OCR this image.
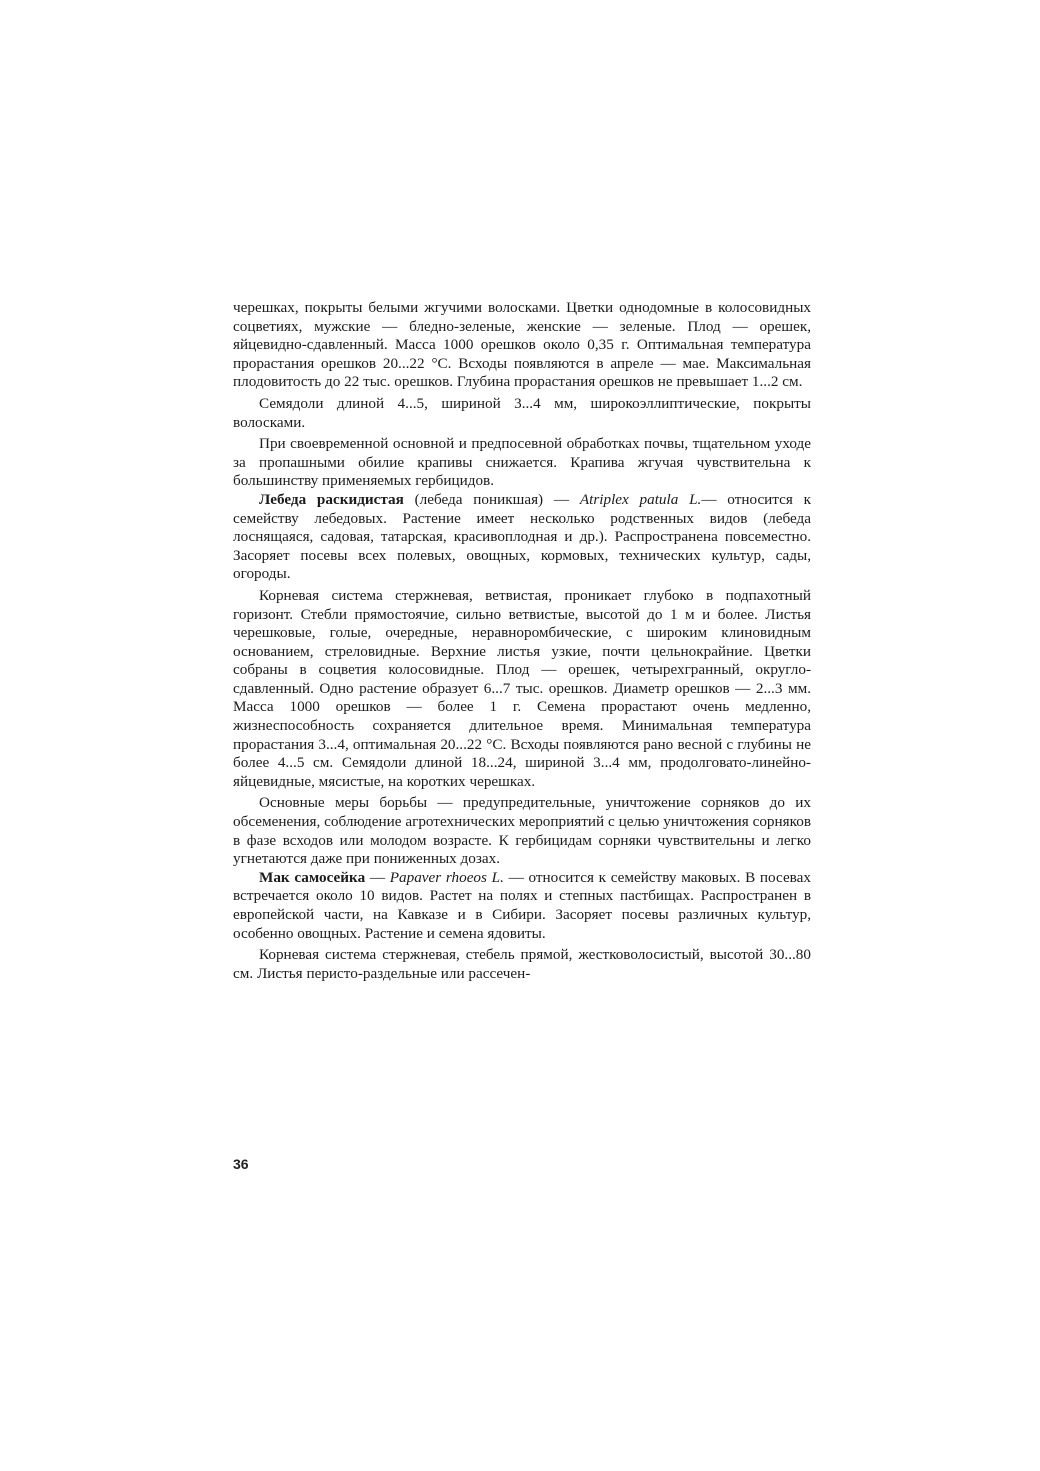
черешках, покрыты белыми жгучими волосками. Цветки однодомные в колосовидных соцветиях, мужские — бледно-зеленые, женские — зеленые. Плод — орешек, яйцевидно-сдавленный. Масса 1000 орешков около 0,35 г. Оптимальная температура прорастания орешков 20...22 °С. Всходы появляются в апреле — мае. Максимальная плодовитость до 22 тыс. орешков. Глубина прорастания орешков не превышает 1...2 см.

Семядоли длиной 4...5, шириной 3...4 мм, широкоэллиптические, покрыты волосками.

При своевременной основной и предпосевной обработках почвы, тщательном уходе за пропашными обилие крапивы снижается. Крапива жгучая чувствительна к большинству применяемых гербицидов.

Лебеда раскидистая (лебеда поникшая) — Atriplex patula L.— относится к семейству лебедовых. Растение имеет несколько родственных видов (лебеда лоснящаяся, садовая, татарская, красивоплодная и др.). Распространена повсеместно. Засоряет посевы всех полевых, овощных, кормовых, технических культур, сады, огороды.

Корневая система стержневая, ветвистая, проникает глубоко в подпахотный горизонт. Стебли прямостоячие, сильно ветвистые, высотой до 1 м и более. Листья черешковые, голые, очередные, неравноромбические, с широким клиновидным основанием, стреловидные. Верхние листья узкие, почти цельнокрайние. Цветки собраны в соцветия колосовидные. Плод — орешек, четырехгранный, округло-сдавленный. Одно растение образует 6...7 тыс. орешков. Диаметр орешков — 2...3 мм. Масса 1000 орешков — более 1 г. Семена прорастают очень медленно, жизнеспособность сохраняется длительное время. Минимальная температура прорастания 3...4, оптимальная 20...22 °С. Всходы появляются рано весной с глубины не более 4...5 см. Семядоли длиной 18...24, шириной 3...4 мм, продолговато-линейно-яйцевидные, мясистые, на коротких черешках.

Основные меры борьбы — предупредительные, уничтожение сорняков до их обсеменения, соблюдение агротехнических мероприятий с целью уничтожения сорняков в фазе всходов или молодом возрасте. К гербицидам сорняки чувствительны и легко угнетаются даже при пониженных дозах.

Мак самосейка — Papaver rhoeos L. — относится к семейству маковых. В посевах встречается около 10 видов. Растет на полях и степных пастбищах. Распространен в европейской части, на Кавказе и в Сибири. Засоряет посевы различных культур, особенно овощных. Растение и семена ядовиты.

Корневая система стержневая, стебель прямой, жестковолосистый, высотой 30...80 см. Листья перисто-раздельные или рассечен-

36
